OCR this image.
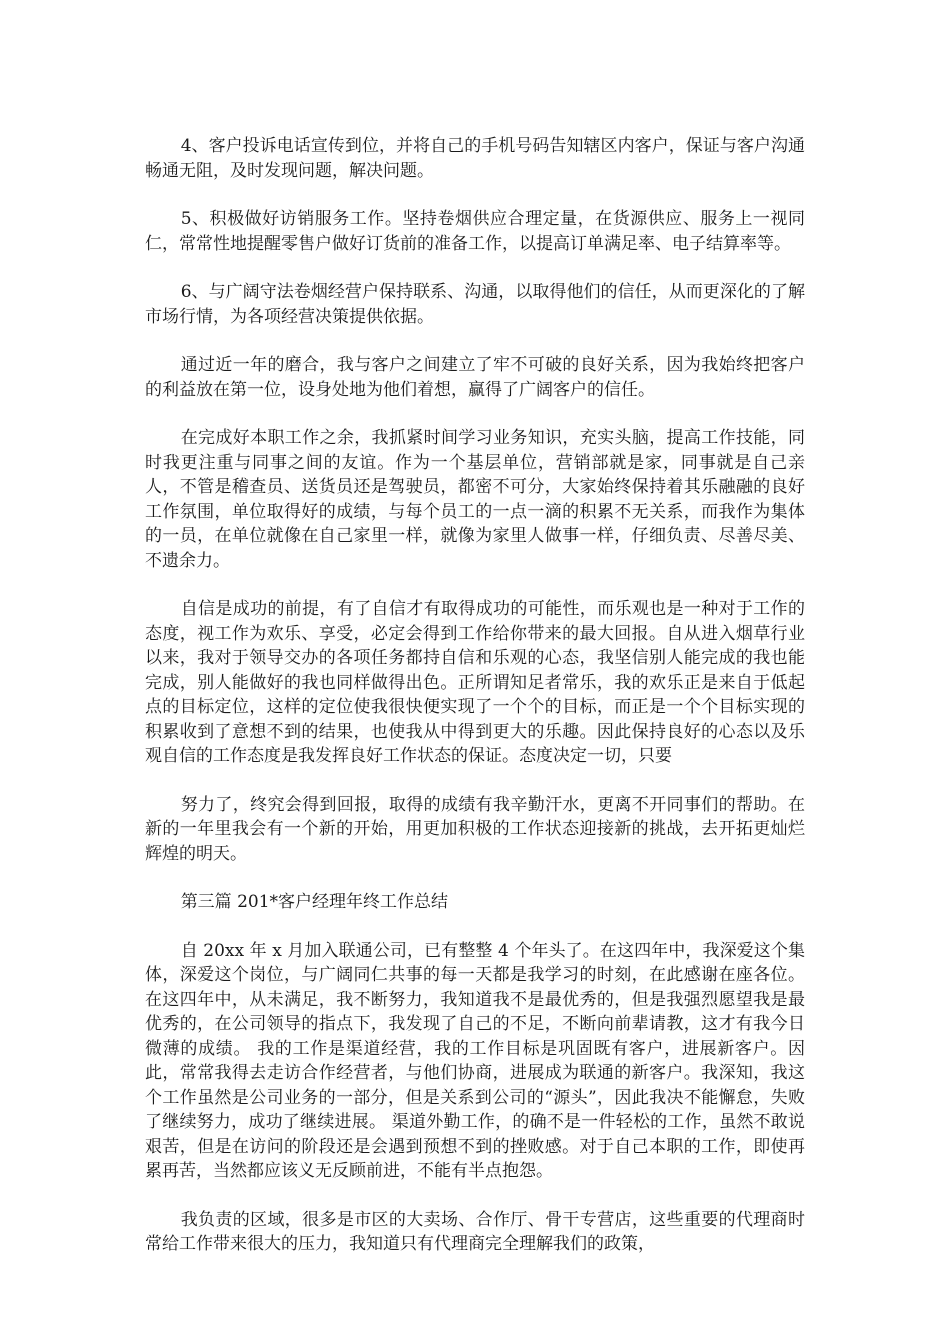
4、客户投诉电话宣传到位，并将自己的手机号码告知辖区内客户，保证与客户沟通畅通无阻，及时发现问题，解决问题。

5、积极做好访销服务工作。坚持卷烟供应合理定量，在货源供应、服务上一视同仁，常常性地提醒零售户做好订货前的准备工作，以提高订单满足率、电子结算率等。

6、与广阔守法卷烟经营户保持联系、沟通，以取得他们的信任，从而更深化的了解市场行情，为各项经营决策提供依据。

通过近一年的磨合，我与客户之间建立了牢不可破的良好关系，因为我始终把客户的利益放在第一位，设身处地为他们着想，赢得了广阔客户的信任。

在完成好本职工作之余，我抓紧时间学习业务知识，充实头脑，提高工作技能，同时我更注重与同事之间的友谊。作为一个基层单位，营销部就是家，同事就是自己亲人，不管是稽查员、送货员还是驾驶员，都密不可分，大家始终保持着其乐融融的良好工作氛围，单位取得好的成绩，与每个员工的一点一滴的积累不无关系，而我作为集体的一员，在单位就像在自己家里一样，就像为家里人做事一样，仔细负责、尽善尽美、不遗余力。

自信是成功的前提，有了自信才有取得成功的可能性，而乐观也是一种对于工作的态度，视工作为欢乐、享受，必定会得到工作给你带来的最大回报。自从进入烟草行业以来，我对于领导交办的各项任务都持自信和乐观的心态，我坚信别人能完成的我也能完成，别人能做好的我也同样做得出色。正所谓知足者常乐，我的欢乐正是来自于低起点的目标定位，这样的定位使我很快便实现了一个个的目标，而正是一个个目标实现的积累收到了意想不到的结果，也使我从中得到更大的乐趣。因此保持良好的心态以及乐观自信的工作态度是我发挥良好工作状态的保证。态度决定一切，只要

努力了，终究会得到回报，取得的成绩有我辛勤汗水，更离不开同事们的帮助。在新的一年里我会有一个新的开始，用更加积极的工作状态迎接新的挑战，去开拓更灿烂辉煌的明天。

第三篇 201*客户经理年终工作总结

自 20xx 年 x 月加入联通公司，已有整整 4 个年头了。在这四年中，我深爱这个集体，深爱这个岗位，与广阔同仁共事的每一天都是我学习的时刻，在此感谢在座各位。在这四年中，从未满足，我不断努力，我知道我不是最优秀的，但是我强烈愿望我是最优秀的，在公司领导的指点下，我发现了自己的不足，不断向前辈请教，这才有我今日微薄的成绩。 我的工作是渠道经营，我的工作目标是巩固既有客户，进展新客户。因此，常常我得去走访合作经营者，与他们协商，进展成为联通的新客户。我深知，我这个工作虽然是公司业务的一部分，但是关系到公司的“源头”，因此我决不能懈怠，失败了继续努力，成功了继续进展。 渠道外勤工作，的确不是一件轻松的工作，虽然不敢说艰苦，但是在访问的阶段还是会遇到预想不到的挫败感。对于自己本职的工作，即使再累再苦，当然都应该义无反顾前进，不能有半点抱怨。

我负责的区域，很多是市区的大卖场、合作厅、骨干专营店，这些重要的代理商时常给工作带来很大的压力，我知道只有代理商完全理解我们的政策，
